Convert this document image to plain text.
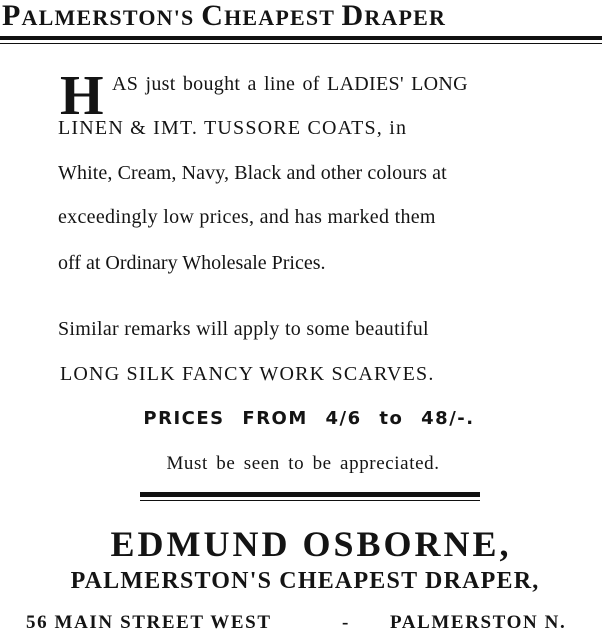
PALMERSTON'S CHEAPEST DRAPER
H AS just bought a line of LADIES' LONG
LINEN & IMT. TUSSORE COATS, in
White, Cream, Navy, Black and other colours at
exceedingly low prices, and has marked them
off at Ordinary Wholesale Prices.
Similar remarks will apply to some beautiful
LONG SILK FANCY WORK SCARVES.
PRICES FROM 4/6 to 48/-.
Must be seen to be appreciated.
EDMUND OSBORNE,
PALMERSTON'S CHEAPEST DRAPER,
56 MAIN STREET WEST	- PALMERSTON N.
